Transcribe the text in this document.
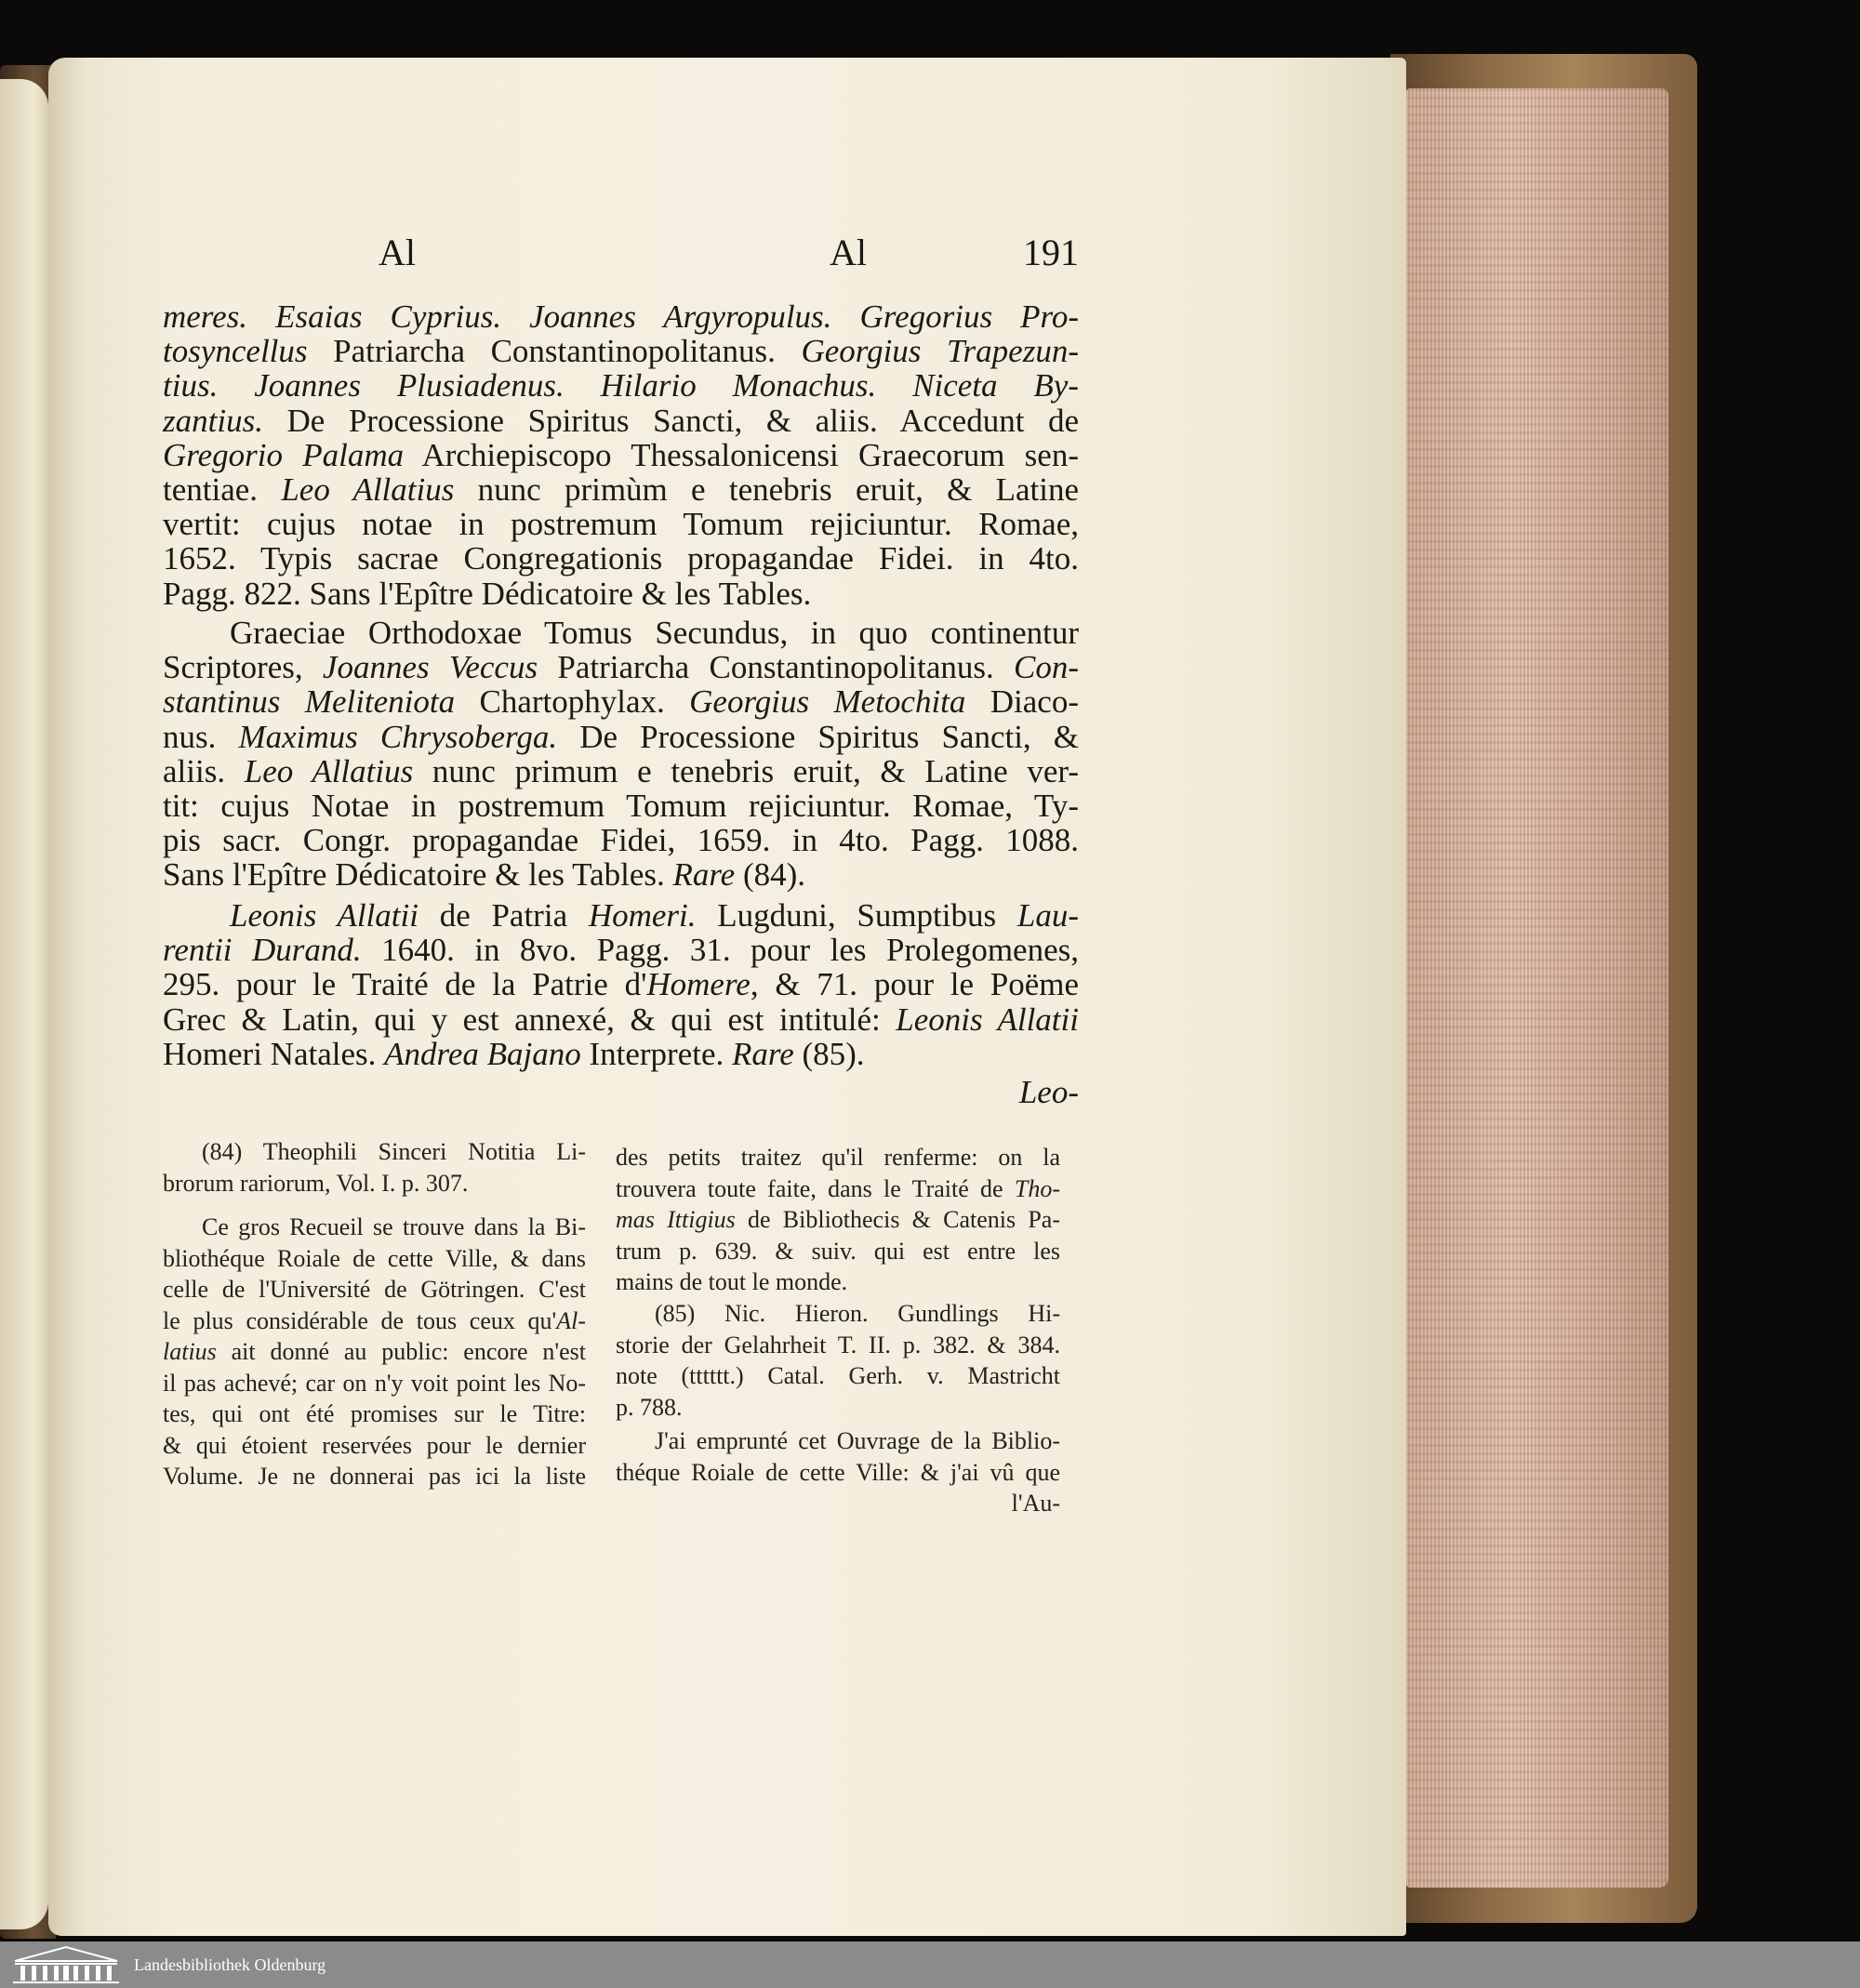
Al	Al	191
meres. Esaias Cyprius. Joannes Argyropulus. Gregorius Pro-
tosyncellus Patriarcha Constantinopolitanus. Georgius Trapezun-
tius. Joannes Plusiadenus. Hilario Monachus. Niceta By-
zantius. De Processione Spiritus Sancti, & aliis. Accedunt de
Gregorio Palama Archiepiscopo Thessalonicensi Graecorum sen-
tentiae. Leo Allatius nunc primùm e tenebris eruit, & Latine
vertit: cujus notae in postremum Tomum rejiciuntur. Romae,
1652. Typis sacrae Congregationis propagandae Fidei. in 4to.
Pagg. 822. Sans l'Epître Dédicatoire & les Tables.
Graeciae Orthodoxae Tomus Secundus, in quo continentur
Scriptores, Joannes Veccus Patriarcha Constantinopolitanus. Con-
stantinus Meliteniota Chartophylax. Georgius Metochita Diaco-
nus. Maximus Chrysoberga. De Processione Spiritus Sancti, &
aliis. Leo Allatius nunc primum e tenebris eruit, & Latine ver-
tit: cujus Notae in postremum Tomum rejiciuntur. Romae, Ty-
pis sacr. Congr. propagandae Fidei, 1659. in 4to. Pagg. 1088.
Sans l'Epître Dédicatoire & les Tables. Rare (84).
Leonis Allatii de Patria Homeri. Lugduni, Sumptibus Lau-
rentii Durand. 1640. in 8vo. Pagg. 31. pour les Prolegomenes,
295. pour le Traité de la Patrie d'Homere, & 71. pour le Poëme
Grec & Latin, qui y est annexé, & qui est intitulé: Leonis Allatii
Homeri Natales. Andrea Bajano Interprete. Rare (85).
Leo-
(84) Theophili Sinceri Notitia Li-
brorum rariorum, Vol. I. p. 307.
Ce gros Recueil se trouve dans la Bi-
bliothéque Roiale de cette Ville, & dans
celle de l'Université de Götringen. C'est
le plus considérable de tous ceux qu'Al-
latius ait donné au public: encore n'est
il pas achevé; car on n'y voit point les No-
tes, qui ont été promises sur le Titre:
& qui étoient reservées pour le dernier
Volume. Je ne donnerai pas ici la liste
des petits traitez qu'il renferme: on la
trouvera toute faite, dans le Traité de Tho-
mas Ittigius de Bibliothecis & Catenis Pa-
trum p. 639. & suiv. qui est entre les
mains de tout le monde.
(85) Nic. Hieron. Gundlings Hi-
storie der Gelahrheit T. II. p. 382. & 384.
note (tttttt.) Catal. Gerh. v. Mastricht
p. 788.
J'ai emprunté cet Ouvrage de la Biblio-
théque Roiale de cette Ville: & j'ai vû que
l'Au-
Landesbibliothek Oldenburg
